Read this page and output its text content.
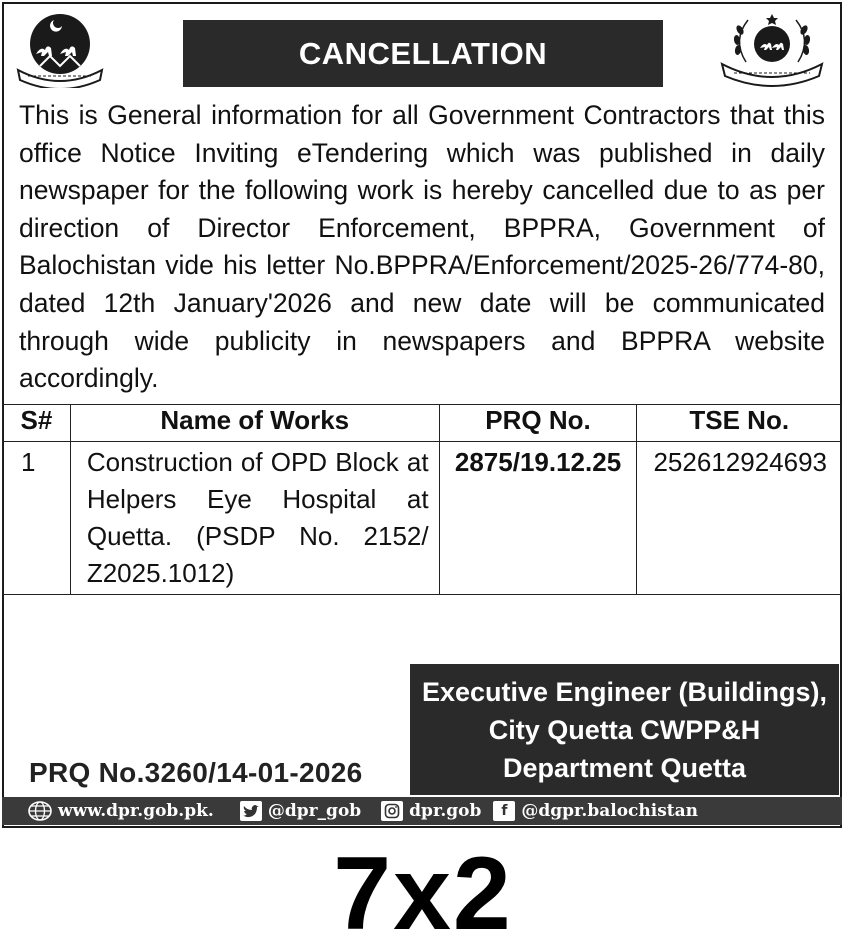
CANCELLATION
This is General information for all Government Contractors that this office Notice Inviting eTendering which was published in daily newspaper for the following work is hereby cancelled due to as per direction of Director Enforcement, BPPRA, Government of Balochistan vide his letter No.BPPRA/Enforcement/2025-26/774-80, dated 12th January'2026 and new date will be communicated through wide publicity in newspapers and BPPRA website accordingly.
S#	Name of Works	PRQ No.	TSE No.
1	Construction of OPD Block at Helpers Eye Hospital at Quetta. (PSDP No. 2152/ Z2025.1012)	2875/19.12.25	252612924693

Executive Engineer (Buildings),
City Quetta CWPP&H
Department Quetta
PRQ No.3260/14-01-2026
www.dpr.gob.pk.	@dpr_gob	dpr.gob	f @dgpr.balochistan
7x2
